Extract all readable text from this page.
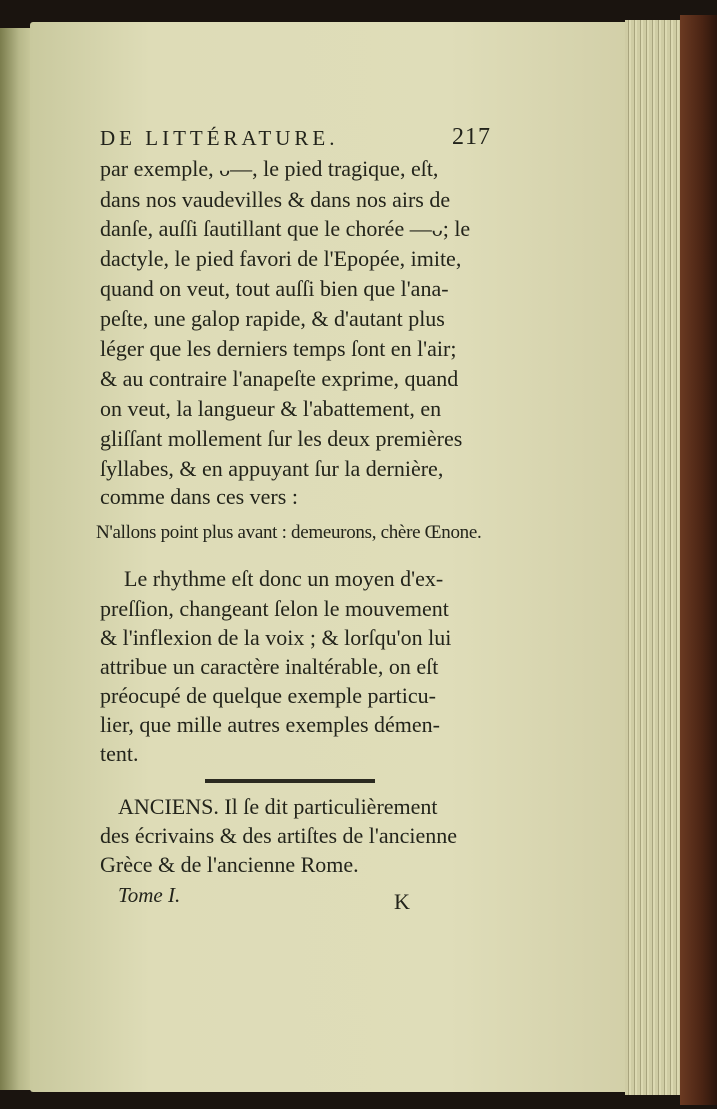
DE LITTÉRATURE.	217
par exemple, ᴗ—, le pied tragique, eſt,
dans nos vaudevilles & dans nos airs de
danſe, auſſi ſautillant que le chorée —ᴗ; le
dactyle, le pied favori de l'Epopée, imite,
quand on veut, tout auſſi bien que l'ana-
peſte, une galop rapide, & d'autant plus
léger que les derniers temps ſont en l'air;
& au contraire l'anapeſte exprime, quand
on veut, la langueur & l'abattement, en
gliſſant mollement ſur les deux premières
ſyllabes, & en appuyant ſur la dernière,
comme dans ces vers :
N'allons point plus avant : demeurons, chère Œnone.
Le rhythme eſt donc un moyen d'ex-
preſſion, changeant ſelon le mouvement
& l'inflexion de la voix ; & lorſqu'on lui
attribue un caractère inaltérable, on eſt
préocupé de quelque exemple particu-
lier, que mille autres exemples démen-
tent.
ANCIENS. Il ſe dit particulièrement
des écrivains & des artiſtes de l'ancienne
Grèce & de l'ancienne Rome.
Tome I.	K
